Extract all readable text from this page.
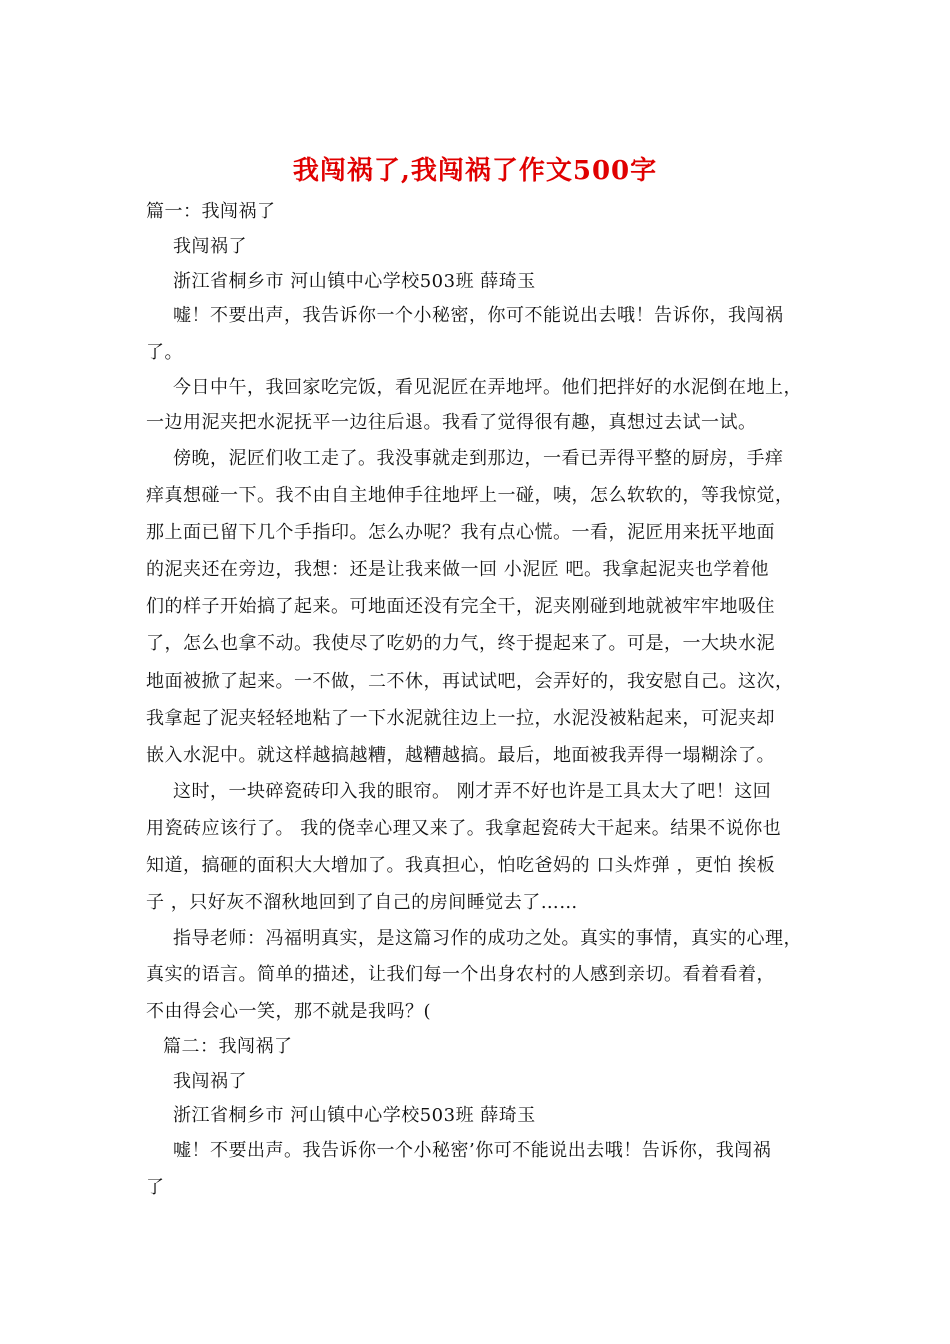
我闯祸了,我闯祸了作文500字
篇一：我闯祸了
我闯祸了
浙江省桐乡市 河山镇中心学校503班 薛琦玉
嘘！不要出声，我告诉你一个小秘密，你可不能说出去哦！告诉你，我闯祸
了。
今日中午，我回家吃完饭，看见泥匠在弄地坪。他们把拌好的水泥倒在地上，
一边用泥夹把水泥抚平一边往后退。我看了觉得很有趣，真想过去试一试。
傍晚，泥匠们收工走了。我没事就走到那边，一看已弄得平整的厨房，手痒
痒真想碰一下。我不由自主地伸手往地坪上一碰，咦，怎么软软的，等我惊觉，
那上面已留下几个手指印。怎么办呢？我有点心慌。一看，泥匠用来抚平地面
的泥夹还在旁边，我想：还是让我来做一回 小泥匠 吧。我拿起泥夹也学着他
们的样子开始搞了起来。可地面还没有完全干，泥夹刚碰到地就被牢牢地吸住
了，怎么也拿不动。我使尽了吃奶的力气，终于提起来了。可是，一大块水泥
地面被掀了起来。一不做，二不休，再试试吧，会弄好的，我安慰自己。这次，
我拿起了泥夹轻轻地粘了一下水泥就往边上一拉，水泥没被粘起来，可泥夹却
嵌入水泥中。就这样越搞越糟，越糟越搞。最后，地面被我弄得一塌糊涂了。
这时，一块碎瓷砖印入我的眼帘。 刚才弄不好也许是工具太大了吧！这回
用瓷砖应该行了。 我的侥幸心理又来了。我拿起瓷砖大干起来。结果不说你也
知道，搞砸的面积大大增加了。我真担心，怕吃爸妈的 口头炸弹 ，更怕 挨板
子 ，只好灰不溜秋地回到了自己的房间睡觉去了……
指导老师：冯福明真实，是这篇习作的成功之处。真实的事情，真实的心理，
真实的语言。简单的描述，让我们每一个出身农村的人感到亲切。看着看着，
不由得会心一笑，那不就是我吗？(
篇二：我闯祸了
我闯祸了
浙江省桐乡市 河山镇中心学校503班 薛琦玉
嘘！不要出声。我告诉你一个小秘密’你可不能说出去哦！告诉你，我闯祸
了
